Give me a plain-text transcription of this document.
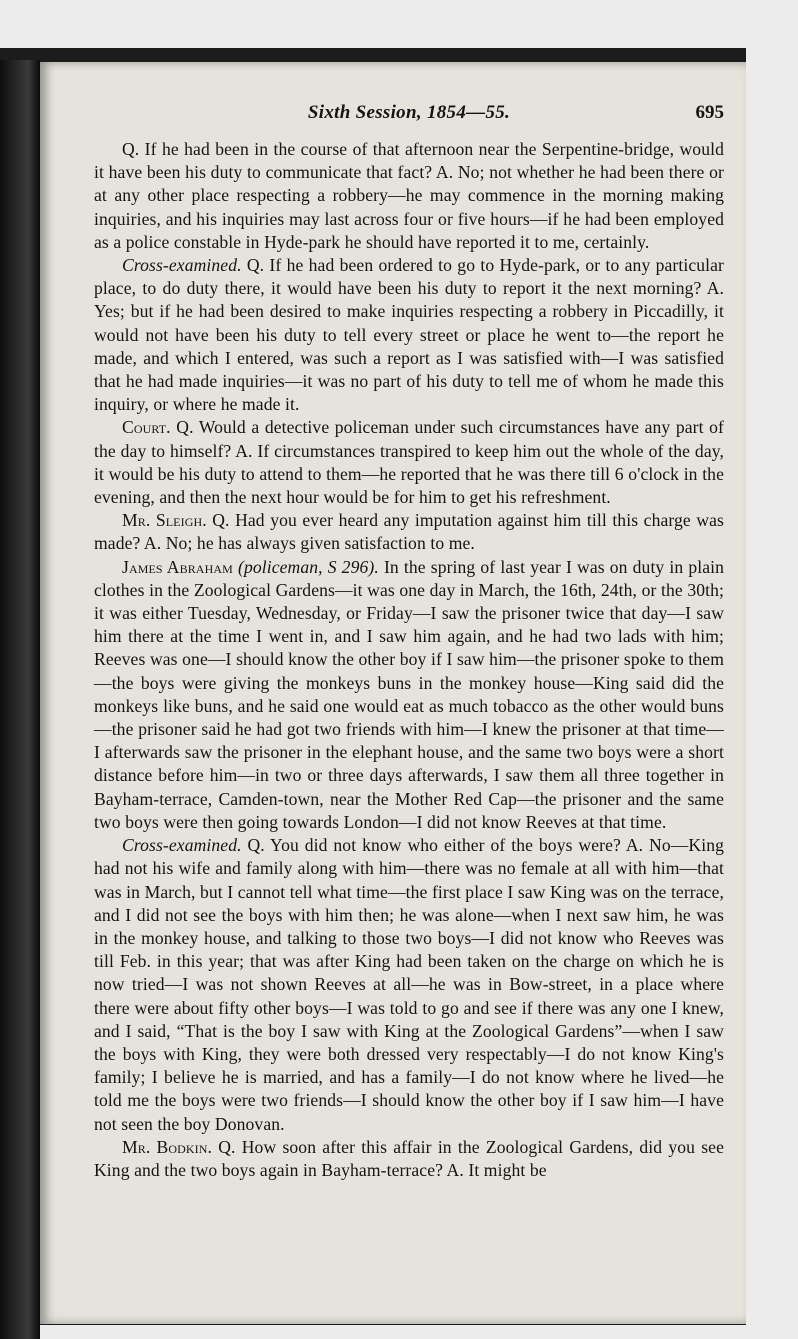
Sixth Session, 1854—55.	695

Q. If he had been in the course of that afternoon near the Serpentine-bridge, would it have been his duty to communicate that fact? A. No; not whether he had been there or at any other place respecting a robbery—he may commence in the morning making inquiries, and his inquiries may last across four or five hours—if he had been employed as a police constable in Hyde-park he should have reported it to me, certainly.

Cross-examined. Q. If he had been ordered to go to Hyde-park, or to any particular place, to do duty there, it would have been his duty to report it the next morning? A. Yes; but if he had been desired to make inquiries respecting a robbery in Piccadilly, it would not have been his duty to tell every street or place he went to—the report he made, and which I entered, was such a report as I was satisfied with—I was satisfied that he had made inquiries—it was no part of his duty to tell me of whom he made this inquiry, or where he made it.

Court. Q. Would a detective policeman under such circumstances have any part of the day to himself? A. If circumstances transpired to keep him out the whole of the day, it would be his duty to attend to them—he reported that he was there till 6 o'clock in the evening, and then the next hour would be for him to get his refreshment.

Mr. Sleigh. Q. Had you ever heard any imputation against him till this charge was made? A. No; he has always given satisfaction to me.

James Abraham (policeman, S 296). In the spring of last year I was on duty in plain clothes in the Zoological Gardens—it was one day in March, the 16th, 24th, or the 30th; it was either Tuesday, Wednesday, or Friday—I saw the prisoner twice that day—I saw him there at the time I went in, and I saw him again, and he had two lads with him; Reeves was one—I should know the other boy if I saw him—the prisoner spoke to them—the boys were giving the monkeys buns in the monkey house—King said did the monkeys like buns, and he said one would eat as much tobacco as the other would buns—the prisoner said he had got two friends with him—I knew the prisoner at that time—I afterwards saw the prisoner in the elephant house, and the same two boys were a short distance before him—in two or three days afterwards, I saw them all three together in Bayham-terrace, Camden-town, near the Mother Red Cap—the prisoner and the same two boys were then going towards London—I did not know Reeves at that time.

Cross-examined. Q. You did not know who either of the boys were? A. No—King had not his wife and family along with him—there was no female at all with him—that was in March, but I cannot tell what time—the first place I saw King was on the terrace, and I did not see the boys with him then; he was alone—when I next saw him, he was in the monkey house, and talking to those two boys—I did not know who Reeves was till Feb. in this year; that was after King had been taken on the charge on which he is now tried—I was not shown Reeves at all—he was in Bow-street, in a place where there were about fifty other boys—I was told to go and see if there was any one I knew, and I said, “That is the boy I saw with King at the Zoological Gardens”—when I saw the boys with King, they were both dressed very respectably—I do not know King's family; I believe he is married, and has a family—I do not know where he lived—he told me the boys were two friends—I should know the other boy if I saw him—I have not seen the boy Donovan.

Mr. Bodkin. Q. How soon after this affair in the Zoological Gardens, did you see King and the two boys again in Bayham-terrace? A. It might be
